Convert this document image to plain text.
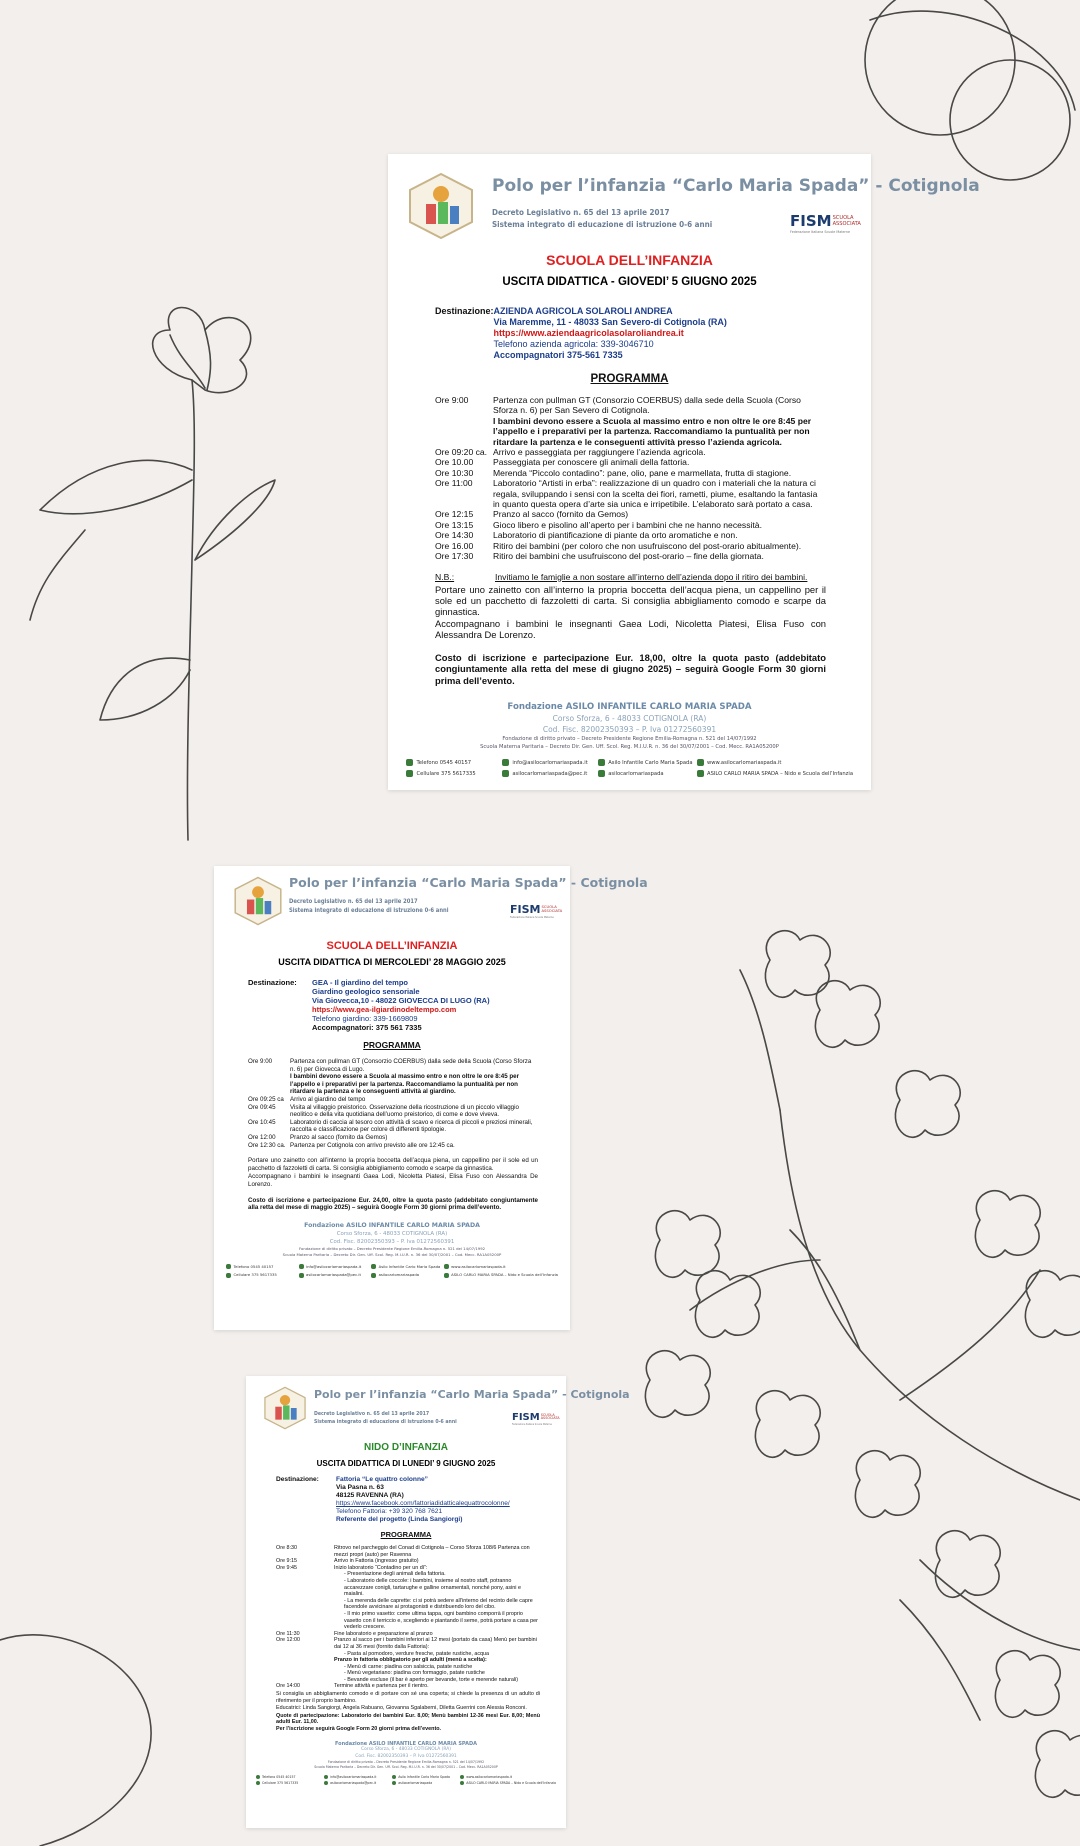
Polo per l’infanzia “Carlo Maria Spada” - Cotignola
Decreto Legislativo n. 65 del 13 aprile 2017
Sistema integrato di educazione di istruzione 0-6 anni	FISMSCUOLA ASSOCIATA
Federazione Italiana Scuole Materne
SCUOLA DELL’INFANZIA
USCITA DIDATTICA - GIOVEDI’ 5 GIUGNO 2025
Destinazione: AZIENDA AGRICOLA SOLAROLI ANDREA
Via Maremme, 11 - 48033 San Severo-di Cotignola (RA)
https://www.aziendaagricolasolaroliandrea.it
Telefono azienda agricola: 339-3046710
Accompagnatori 375-561 7335
PROGRAMMA
Ore 9:00	Partenza con pullman GT (Consorzio COERBUS) dalla sede della Scuola (Corso Sforza n. 6) per San Severo di Cotignola.
I bambini devono essere a Scuola al massimo entro e non oltre le ore 8:45 per l’appello e i preparativi per la partenza. Raccomandiamo la puntualità per non ritardare la partenza e le conseguenti attività presso l’azienda agricola.
Ore 09:20 ca. Arrivo e passeggiata per raggiungere l’azienda agricola.
Ore 10.00	Passeggiata per conoscere gli animali della fattoria.
Ore 10:30	Merenda “Piccolo contadino”: pane, olio, pane e marmellata, frutta di stagione.
Ore 11:00	Laboratorio “Artisti in erba”: realizzazione di un quadro con i materiali che la natura ci regala, sviluppando i sensi con la scelta dei fiori, rametti, piume, esaltando la fantasia in quanto questa opera d’arte sia unica e irripetibile. L’elaborato sarà portato a casa.
Ore 12:15	Pranzo al sacco (fornito da Gemos)
Ore 13:15	Gioco libero e pisolino all’aperto per i bambini che ne hanno necessità.
Ore 14:30	Laboratorio di piantificazione di piante da orto aromatiche e non.
Ore 16.00	Ritiro dei bambini (per coloro che non usufruiscono del post-orario abitualmente).
Ore 17:30	Ritiro dei bambini che usufruiscono del post-orario – fine della giornata.
N.B.:	Invitiamo le famiglie a non sostare all’interno dell’azienda dopo il ritiro dei bambini.
Portare uno zainetto con all’interno la propria boccetta dell’acqua piena, un cappellino per il sole ed un pacchetto di fazzoletti di carta. Si consiglia abbigliamento comodo e scarpe da ginnastica.
Accompagnano i bambini le insegnanti Gaea Lodi, Nicoletta Piatesi, Elisa Fuso con Alessandra De Lorenzo.
Costo di iscrizione e partecipazione Eur. 18,00, oltre la quota pasto (addebitato congiuntamente alla retta del mese di giugno 2025) – seguirà Google Form 30 giorni prima dell’evento.
Fondazione ASILO INFANTILE CARLO MARIA SPADA
Corso Sforza, 6 - 48033 COTIGNOLA (RA)
Cod. Fisc. 82002350393 – P. Iva 01272560391
Fondazione di diritto privato – Decreto Presidente Regione Emilia-Romagna n. 521 del 14/07/1992
Scuola Materna Paritaria – Decreto Dir. Gen. Uff. Scol. Reg. M.I.U.R. n. 36 del 30/07/2001 – Cod. Mecc. RA1A05200P
Telefono 0545 40157	info@asilocarlomariaspada.it	Asilo Infantile Carlo Maria Spada	www.asilocarlomariaspada.it
Cellulare 375 5617335	asilocarlomariaspada@pec.it	asilocarlomariaspada	ASILO CARLO MARIA SPADA – Nido e Scuola dell’Infanzia
Polo per l’infanzia “Carlo Maria Spada” - Cotignola
Decreto Legislativo n. 65 del 13 aprile 2017
Sistema integrato di educazione di istruzione 0-6 anni	FISMSCUOLA ASSOCIATA
Federazione Italiana Scuole Materne
SCUOLA DELL’INFANZIA
USCITA DIDATTICA DI MERCOLEDI’ 28 MAGGIO 2025
Destinazione:	GEA - Il giardino del tempo
Giardino geologico sensoriale
Via Giovecca,10 - 48022 GIOVECCA DI LUGO (RA)
https://www.gea-ilgiardinodeltempo.com
Telefono giardino: 339-1669809
Accompagnatori: 375 561 7335
PROGRAMMA
Ore 9:00	Partenza con pullman GT (Consorzio COERBUS) dalla sede della Scuola (Corso Sforza n. 6) per Giovecca di Lugo.
I bambini devono essere a Scuola al massimo entro e non oltre le ore 8:45 per l’appello e i preparativi per la partenza. Raccomandiamo la puntualità per non ritardare la partenza e le conseguenti attività al giardino.
Ore 09:25 ca	Arrivo al giardino del tempo
Ore 09:45	Visita al villaggio preistorico. Osservazione della ricostruzione di un piccolo villaggio neolitico e della vita quotidiana dell’uomo preistorico, di come e dove viveva.
Ore 10:45	Laboratorio di caccia al tesoro con attività di scavo e ricerca di piccoli e preziosi minerali, raccolta e classificazione per colore di differenti tipologie.
Ore 12:00	Pranzo al sacco (fornito da Gemos)
Ore 12:30 ca. Partenza per Cotignola con arrivo previsto alle ore 12:45 ca.
Portare uno zainetto con all’interno la propria boccetta dell’acqua piena, un cappellino per il sole ed un pacchetto di fazzoletti di carta. Si consiglia abbigliamento comodo e scarpe da ginnastica.
Accompagnano i bambini le insegnanti Gaea Lodi, Nicoletta Piatesi, Elisa Fuso con Alessandra De Lorenzo.
Costo di iscrizione e partecipazione Eur. 24,00, oltre la quota pasto (addebitato congiuntamente alla retta del mese di maggio 2025) – seguirà Google Form 30 giorni prima dell’evento.
Fondazione ASILO INFANTILE CARLO MARIA SPADA
Corso Sforza, 6 - 48033 COTIGNOLA (RA)
Cod. Fisc. 82002350393 – P. Iva 01272560391
Fondazione di diritto privato – Decreto Presidente Regione Emilia-Romagna n. 521 del 14/07/1992
Scuola Materna Paritaria – Decreto Dir. Gen. Uff. Scol. Reg. M.I.U.R. n. 36 del 30/07/2001 – Cod. Mecc. RA1A05200P
Telefono 0545 40157	info@asilocarlomariaspada.it	Asilo Infantile Carlo Maria Spada	www.asilocarlomariaspada.it
Cellulare 375 5617335	asilocarlomariaspada@pec.it	asilocarlomariaspada	ASILO CARLO MARIA SPADA – Nido e Scuola dell’Infanzia
Polo per l’infanzia “Carlo Maria Spada” - Cotignola
Decreto Legislativo n. 65 del 13 aprile 2017
Sistema integrato di educazione di istruzione 0-6 anni	FISMSCUOLA ASSOCIATA
Federazione Italiana Scuole Materne
NIDO D’INFANZIA
USCITA DIDATTICA DI LUNEDI’ 9 GIUGNO 2025
Destinazione:	Fattoria “Le quattro colonne”
Via Pasna n. 63
48125 RAVENNA (RA)
https://www.facebook.com/fattoriadidatticalequattrocolonne/
Telefono Fattoria: +39 320 768 7621
Referente del progetto (Linda Sangiorgi)
PROGRAMMA
Ore 8:30	Ritrovo nel parcheggio del Conad di Cotignola – Corso Sforza 108/6 Partenza con mezzi propri (auto) per Ravenna
Ore 9:15	Arrivo in Fattoria (ingresso gratuito)
Ore 9:45	Inizio laboratorio “Contadino per un dì”:
- Presentazione degli animali della fattoria.
- Laboratorio delle coccole: i bambini, insieme al nostro staff, potranno accarezzare conigli, tartarughe e galline ornamentali, nonché pony, asini e maialini.
- La merenda delle caprette: ci si potrà sedere all’interno del recinto delle capre facendole avvicinare ai protagonisti e distribuendo loro del cibo.
- Il mio primo vasetto: come ultima tappa, ogni bambino comporrà il proprio vasetto con il terriccio e, scegliendo e piantando il seme, potrà portare a casa per vederlo crescere.
Ore 11:30	Fine laboratorio e preparazione al pranzo
Ore 12:00	Pranzo al sacco per i bambini inferiori ai 12 mesi (portato da casa) Menù per bambini dai 12 ai 36 mesi (fornito dalla Fattoria):
- Pasta al pomodoro, verdure fresche, patate rustiche, acqua
Pranzo in fattoria obbligatorio per gli adulti (menù a scelta):
- Menù di carne: piadina con salsiccia, patate rustiche
- Menù vegetariano: piadina con formaggio, patate rustiche
- Bevande escluse (il bar è aperto per bevande, torte e merende naturali)
Ore 14:00	Termine attività e partenza per il rientro.
Si consiglia un abbigliamento comodo e di portare con sé una coperta; si chiede la presenza di un adulto di riferimento per il proprio bambino.
Educatrici: Linda Sangiorgi, Angela Rabuano, Giovanna Sgalaberni, Diletta Guerrini con Alessia Ronconi.
Quote di partecipazione: Laboratorio dei bambini Eur. 8,00; Menù bambini 12-36 mesi Eur. 8,00; Menù adulti Eur. 11,00.
Per l’iscrizione seguirà Google Form 20 giorni prima dell’evento.
Fondazione ASILO INFANTILE CARLO MARIA SPADA
Corso Sforza, 6 - 48033 COTIGNOLA (RA)
Cod. Fisc. 82002350393 – P. Iva 01272560391
Fondazione di diritto privato – Decreto Presidente Regione Emilia-Romagna n. 521 del 14/07/1992
Scuola Materna Paritaria – Decreto Dir. Gen. Uff. Scol. Reg. M.I.U.R. n. 36 del 30/07/2001 – Cod. Mecc. RA1A05200P
Telefono 0545 40157	info@asilocarlomariaspada.it	Asilo Infantile Carlo Maria Spada	www.asilocarlomariaspada.it
Cellulare 375 5617335	asilocarlomariaspada@pec.it	asilocarlomariaspada	ASILO CARLO MARIA SPADA – Nido e Scuola dell’Infanzia
